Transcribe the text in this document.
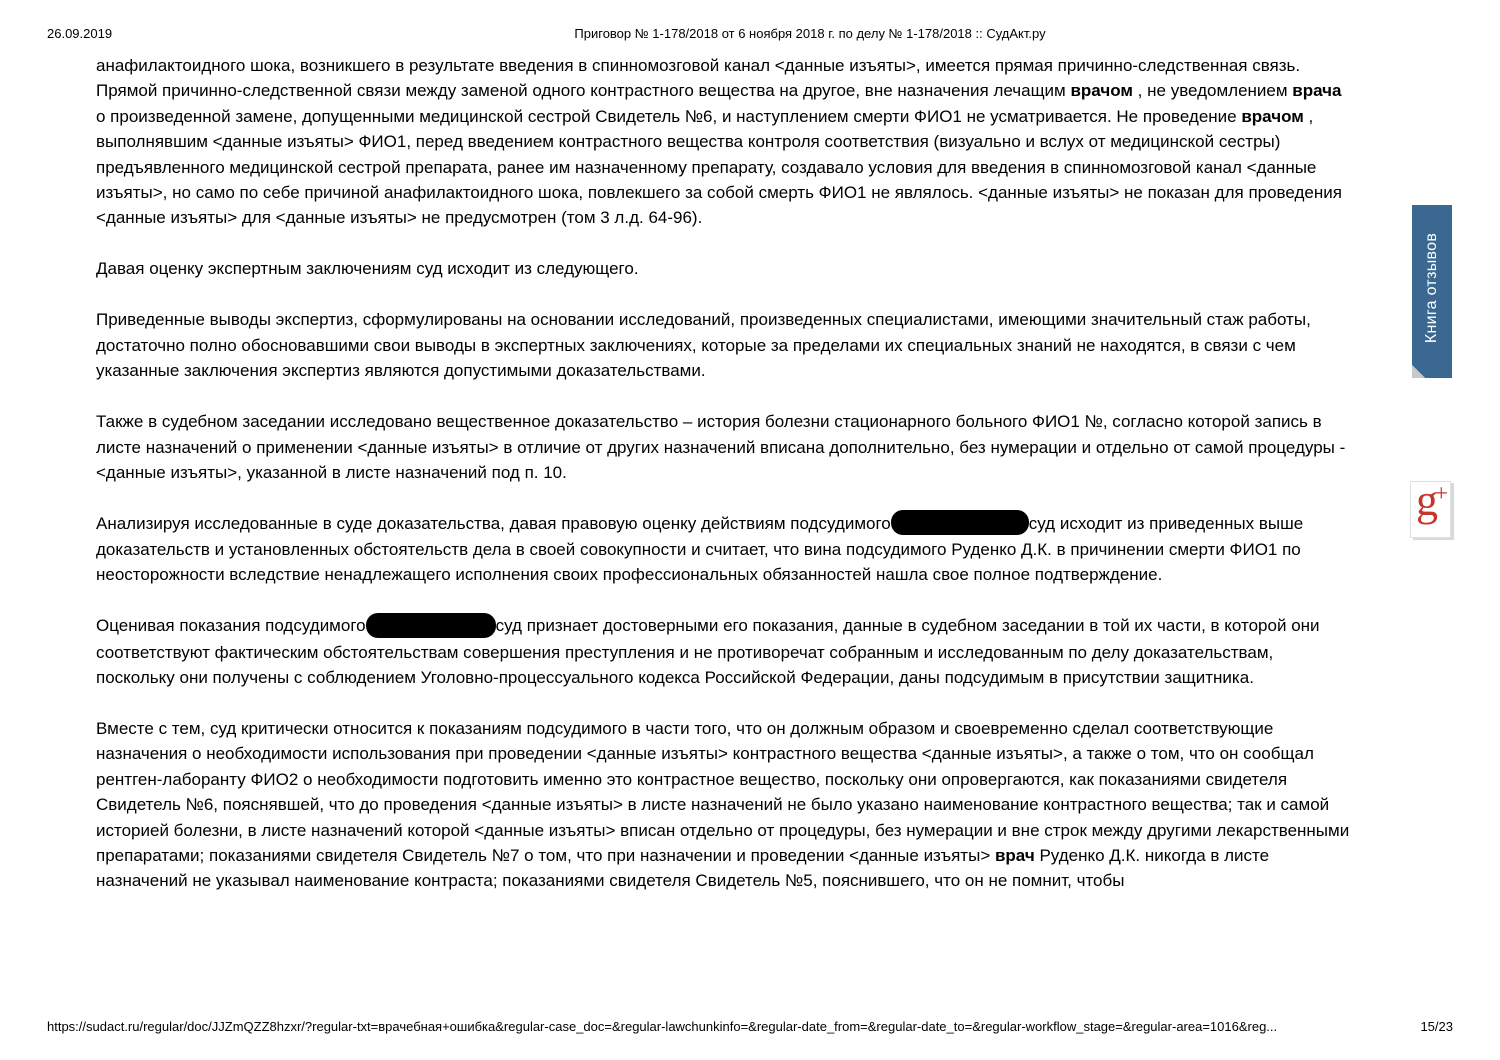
26.09.2019	Приговор № 1-178/2018 от 6 ноября 2018 г. по делу № 1-178/2018 :: СудАкт.ру

анафилактоидного шока, возникшего в результате введения в спинномозговой канал <данные изъяты>, имеется прямая причинно-следственная связь. Прямой причинно-следственной связи между заменой одного контрастного вещества на другое, вне назначения лечащим врачом , не уведомлением врача о произведенной замене, допущенными медицинской сестрой Свидетель №6, и наступлением смерти ФИО1 не усматривается. Не проведение врачом , выполнявшим <данные изъяты> ФИО1, перед введением контрастного вещества контроля соответствия (визуально и вслух от медицинской сестры) предъявленного медицинской сестрой препарата, ранее им назначенному препарату, создавало условия для введения в спинномозговой канал <данные изъяты>, но само по себе причиной анафилактоидного шока, повлекшего за собой смерть ФИО1 не являлось. <данные изъяты> не показан для проведения <данные изъяты> для <данные изъяты> не предусмотрен (том 3 л.д. 64-96).

Давая оценку экспертным заключениям суд исходит из следующего.

Приведенные выводы экспертиз, сформулированы на основании исследований, произведенных специалистами, имеющими значительный стаж работы, достаточно полно обосновавшими свои выводы в экспертных заключениях, которые за пределами их специальных знаний не находятся, в связи с чем указанные заключения экспертиз являются допустимыми доказательствами.

Также в судебном заседании исследовано вещественное доказательство – история болезни стационарного больного ФИО1 №, согласно которой запись в листе назначений о применении <данные изъяты> в отличие от других назначений вписана дополнительно, без нумерации и отдельно от самой процедуры - <данные изъяты>, указанной в листе назначений под п. 10.

Анализируя исследованные в суде доказательства, давая правовую оценку действиям подсудимого	суд исходит из приведенных выше доказательств и установленных обстоятельств дела в своей совокупности и считает, что вина подсудимого Руденко Д.К. в причинении смерти ФИО1 по неосторожности вследствие ненадлежащего исполнения своих профессиональных обязанностей нашла свое полное подтверждение.

Оценивая показания подсудимого	суд признает достоверными его показания, данные в судебном заседании в той их части, в которой они соответствуют фактическим обстоятельствам совершения преступления и не противоречат собранным и исследованным по делу доказательствам, поскольку они получены с соблюдением Уголовно-процессуального кодекса Российской Федерации, даны подсудимым в присутствии защитника.

Вместе с тем, суд критически относится к показаниям подсудимого в части того, что он должным образом и своевременно сделал соответствующие назначения о необходимости использования при проведении <данные изъяты> контрастного вещества <данные изъяты>, а также о том, что он сообщал рентген-лаборанту ФИО2 о необходимости подготовить именно это контрастное вещество, поскольку они опровергаются, как показаниями свидетеля Свидетель №6, пояснявшей, что до проведения <данные изъяты> в листе назначений не было указано наименование контрастного вещества; так и самой историей болезни, в листе назначений которой <данные изъяты> вписан отдельно от процедуры, без нумерации и вне строк между другими лекарственными препаратами; показаниями свидетеля Свидетель №7 о том, что при назначении и проведении <данные изъяты> врач Руденко Д.К. никогда в листе назначений не указывал наименование контраста; показаниями свидетеля Свидетель №5, пояснившего, что он не помнит, чтобы

Книга отзывов
g
+
https://sudact.ru/regular/doc/JJZmQZZ8hzxr/?regular-txt=врачебная+ошибка&regular-case_doc=&regular-lawchunkinfo=&regular-date_from=&regular-date_to=&regular-workflow_stage=&regular-area=1016&reg...	15/23
